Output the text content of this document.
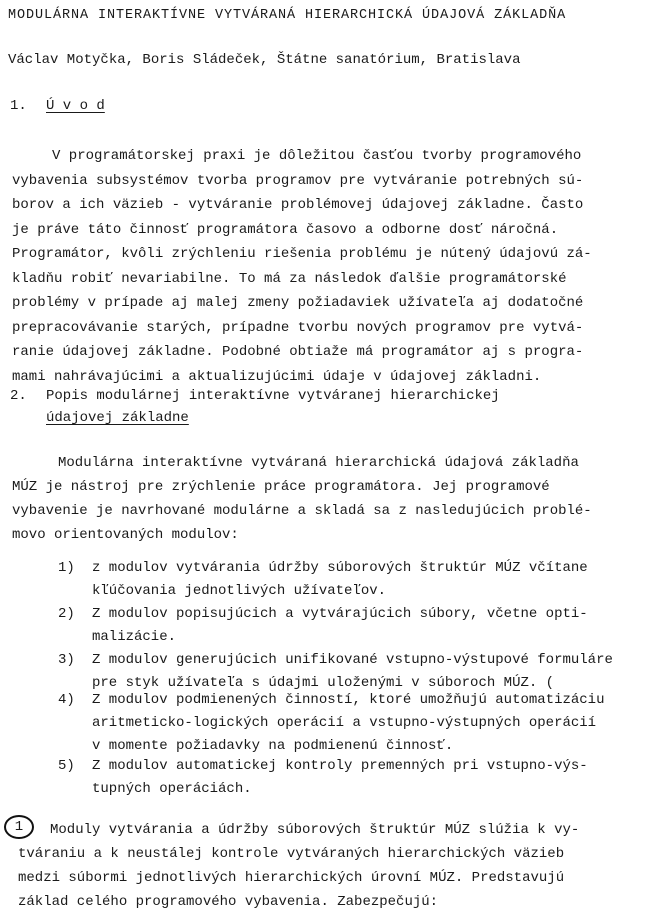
MODULÁRNA INTERAKTÍVNE VYTVÁRANÁ HIERARCHICKÁ ÚDAJOVÁ ZÁKLADŇA
Václav Motyčka, Boris Sládeček, Štátne sanatórium, Bratislava
1. Ú v o d
V programátorskej praxi je dôležitou časťou tvorby programového
vybavenia subsystémov tvorba programov pre vytváranie potrebných sú-
borov a ich väzieb - vytváranie problémovej údajovej základne. Často
je práve táto činnosť programátora časovo a odborne dosť náročná.
Programátor, kvôli zrýchleniu riešenia problému je nútený údajovú zá-
kladňu robiť nevariabilne. To má za následok ďalšie programátorské
problémy v prípade aj malej zmeny požiadaviek užívateľa aj dodatočné
prepracovávanie starých, prípadne tvorbu nových programov pre vytvá-
ranie údajovej základne. Podobné obtiaže má programátor aj s progra-
mami nahrávajúcimi a aktualizujúcimi údaje v údajovej základni.
2. Popis modulárnej interaktívne vytváranej hierarchickej
údajovej základne
Modulárna interaktívne vytváraná hierarchická údajová základňa
MÚZ je nástroj pre zrýchlenie práce programátora. Jej programové
vybavenie je navrhované modulárne a skladá sa z nasledujúcich problé-
movo orientovaných modulov:
1) z modulov vytvárania údržby súborových štruktúr MÚZ včítane
kľúčovania jednotlivých užívateľov.
2) Z modulov popisujúcich a vytvárajúcich súbory, včetne opti-
malizácie.
3) Z modulov generujúcich unifikované vstupno-výstupové formuláre
pre styk užívateľa s údajmi uloženými v súboroch MÚZ. (
4) Z modulov podmienených činností, ktoré umožňujú automatizáciu
aritmeticko-logických operácií a vstupno-výstupných operácií
v momente požiadavky na podmienenú činnosť.
5) Z modulov automatickej kontroly premenných pri vstupno-výs-
tupných operáciách.
1	Moduly vytvárania a údržby súborových štruktúr MÚZ slúžia k vy-
tváraniu a k neustálej kontrole vytváraných hierarchických väzieb
medzi súbormi jednotlivých hierarchických úrovní MÚZ. Predstavujú
základ celého programového vybavenia. Zabezpečujú:
